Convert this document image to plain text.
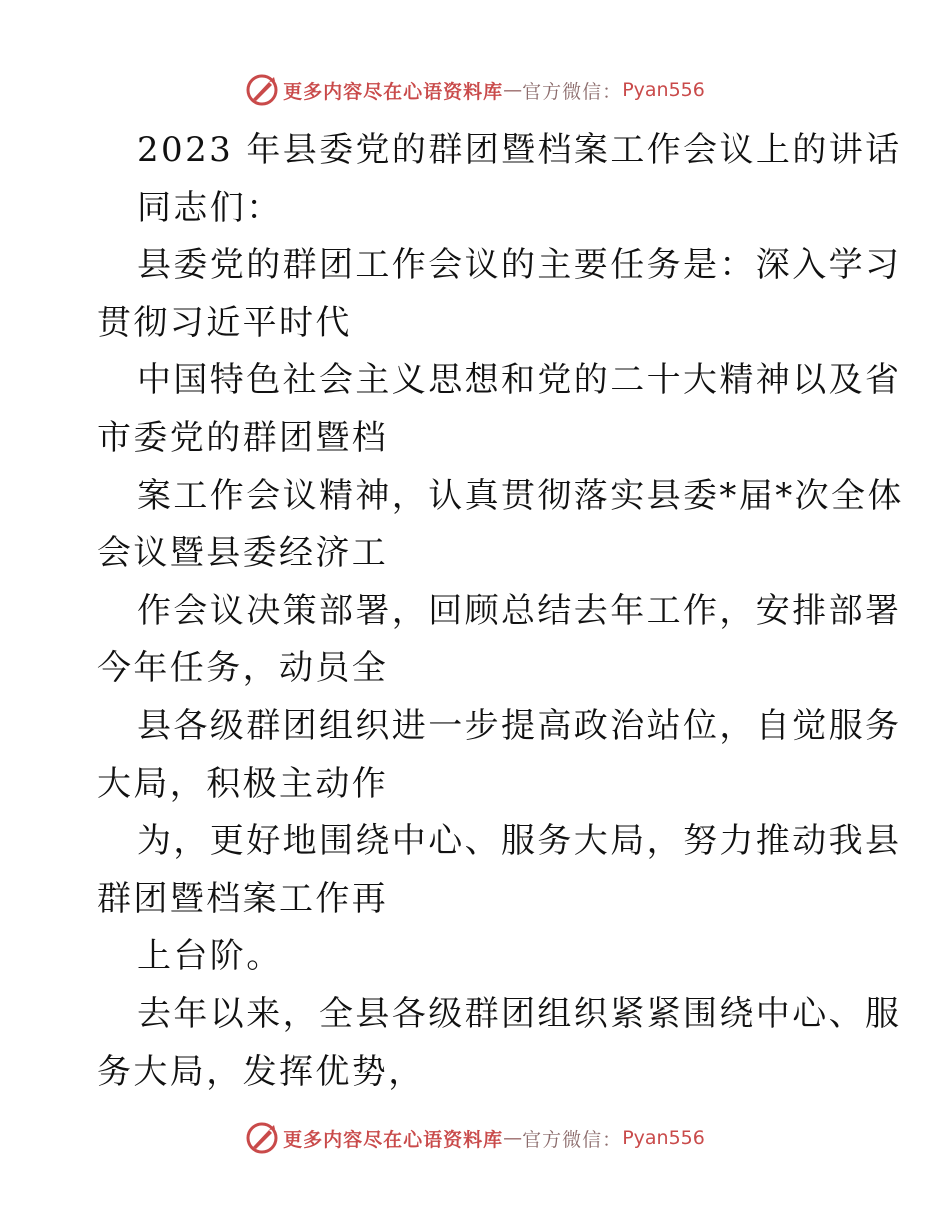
更多内容尽在心语资料库 — 官方微信： Pyan556
2023 年县委党的群团暨档案工作会议上的讲话
同志们：
县委党的群团工作会议的主要任务是：深入学习
贯彻习近平时代
中国特色社会主义思想和党的二十大精神以及省
市委党的群团暨档
案工作会议精神，认真贯彻落实县委*届*次全体
会议暨县委经济工
作会议决策部署，回顾总结去年工作，安排部署
今年任务，动员全
县各级群团组织进一步提高政治站位，自觉服务
大局，积极主动作
为，更好地围绕中心、服务大局，努力推动我县
群团暨档案工作再
上台阶。
去年以来，全县各级群团组织紧紧围绕中心、服
务大局，发挥优势，
更多内容尽在心语资料库 — 官方微信： Pyan556
